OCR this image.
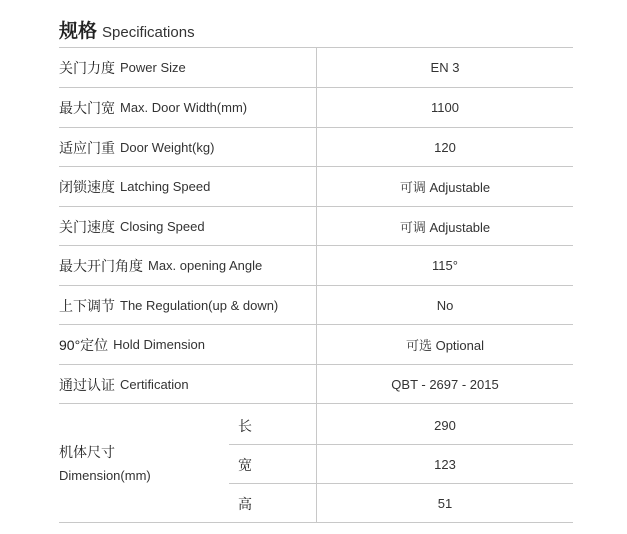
规格 Specifications
关门力度 Power Size	EN 3
最大门宽 Max. Door Width(mm)	1100
适应门重 Door Weight(kg)	120
闭锁速度 Latching Speed	可调 Adjustable
关门速度 Closing Speed	可调 Adjustable
最大开门角度 Max. opening Angle	115°
上下调节 The Regulation(up & down)	No
90°定位 Hold Dimension	可选 Optional
通过认证 Certification	QBT - 2697 - 2015
机体尺寸
Dimension(mm)
长	290
宽	123
高	51
